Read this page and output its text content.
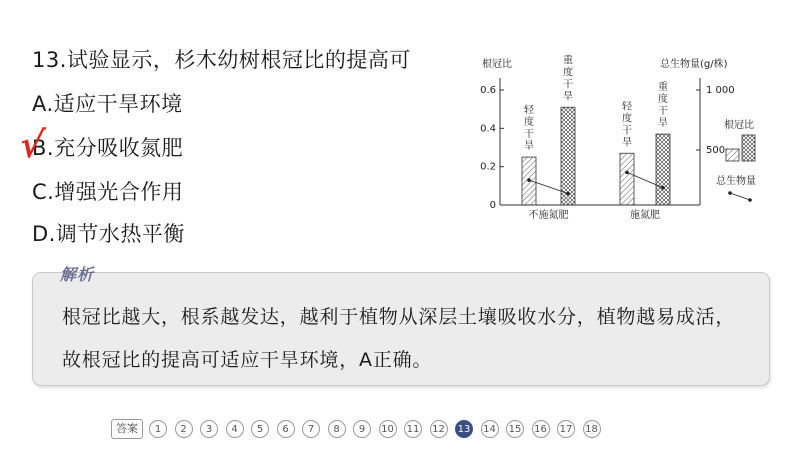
13.试验显示，杉木幼树根冠比的提高可
A.适应干旱环境
B.充分吸收氮肥
C.增强光合作用
D.调节水热平衡
√
根冠比	总生物量(g/株)
0
0.2
0.4
0.6
500
1 000
轻
度
干
旱
重
度
干
旱
轻
度
干
旱
重
度
干
旱
不施氮肥	施氮肥
根冠比
总生物量
解析
根冠比越大，根系越发达，越利于植物从深层土壤吸收水分，植物越易成活，故根冠比的提高可适应干旱环境，A正确。
答案	1	2	3	4	5	6	7	8	9	10 11 12 13 14 15 16 17 18
